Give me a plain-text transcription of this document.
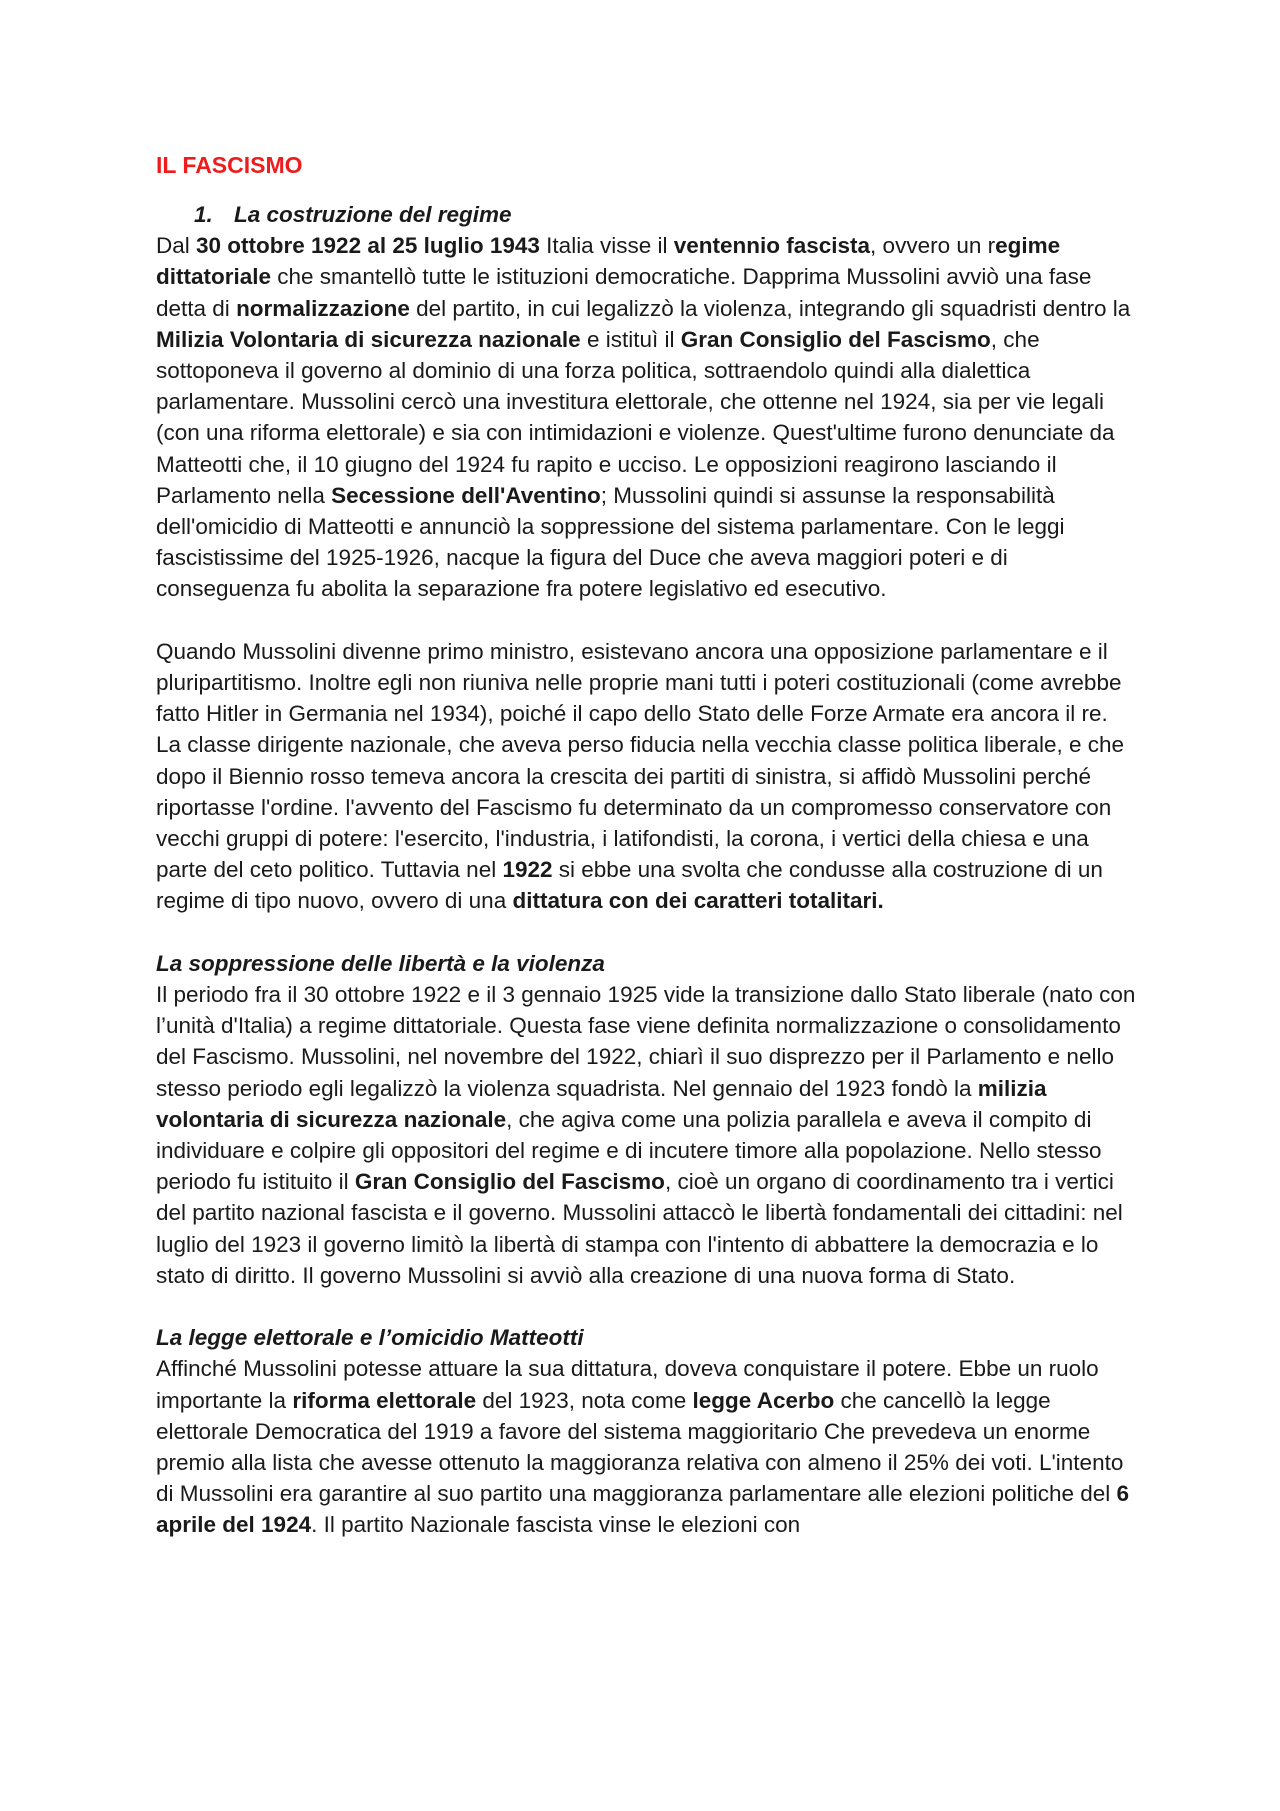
IL FASCISMO
1. La costruzione del regime

Dal 30 ottobre 1922 al 25 luglio 1943 Italia visse il ventennio fascista, ovvero un regime dittatoriale che smantellò tutte le istituzioni democratiche. Dapprima Mussolini avviò una fase detta di normalizzazione del partito, in cui legalizzò la violenza, integrando gli squadristi dentro la Milizia Volontaria di sicurezza nazionale e istituì il Gran Consiglio del Fascismo, che sottoponeva il governo al dominio di una forza politica, sottraendolo quindi alla dialettica parlamentare. Mussolini cercò una investitura elettorale, che ottenne nel 1924, sia per vie legali (con una riforma elettorale) e sia con intimidazioni e violenze. Quest'ultime furono denunciate da Matteotti che, il 10 giugno del 1924 fu rapito e ucciso. Le opposizioni reagirono lasciando il Parlamento nella Secessione dell'Aventino; Mussolini quindi si assunse la responsabilità dell'omicidio di Matteotti e annunciò la soppressione del sistema parlamentare. Con le leggi fascistissime del 1925-1926, nacque la figura del Duce che aveva maggiori poteri e di conseguenza fu abolita la separazione fra potere legislativo ed esecutivo.

Quando Mussolini divenne primo ministro, esistevano ancora una opposizione parlamentare e il pluripartitismo. Inoltre egli non riuniva nelle proprie mani tutti i poteri costituzionali (come avrebbe fatto Hitler in Germania nel 1934), poiché il capo dello Stato delle Forze Armate era ancora il re. La classe dirigente nazionale, che aveva perso fiducia nella vecchia classe politica liberale, e che dopo il Biennio rosso temeva ancora la crescita dei partiti di sinistra, si affidò Mussolini perché riportasse l'ordine. l'avvento del Fascismo fu determinato da un compromesso conservatore con vecchi gruppi di potere: l'esercito, l'industria, i latifondisti, la corona, i vertici della chiesa e una parte del ceto politico. Tuttavia nel 1922 si ebbe una svolta che condusse alla costruzione di un regime di tipo nuovo, ovvero di una dittatura con dei caratteri totalitari.

La soppressione delle libertà e la violenza

Il periodo fra il 30 ottobre 1922 e il 3 gennaio 1925 vide la transizione dallo Stato liberale (nato con l’unità d'Italia) a regime dittatoriale. Questa fase viene definita normalizzazione o consolidamento del Fascismo. Mussolini, nel novembre del 1922, chiarì il suo disprezzo per il Parlamento e nello stesso periodo egli legalizzò la violenza squadrista. Nel gennaio del 1923 fondò la milizia volontaria di sicurezza nazionale, che agiva come una polizia parallela e aveva il compito di individuare e colpire gli oppositori del regime e di incutere timore alla popolazione. Nello stesso periodo fu istituito il Gran Consiglio del Fascismo, cioè un organo di coordinamento tra i vertici del partito nazional fascista e il governo. Mussolini attaccò le libertà fondamentali dei cittadini: nel luglio del 1923 il governo limitò la libertà di stampa con l'intento di abbattere la democrazia e lo stato di diritto. Il governo Mussolini si avviò alla creazione di una nuova forma di Stato.

La legge elettorale e l’omicidio Matteotti

Affinché Mussolini potesse attuare la sua dittatura, doveva conquistare il potere. Ebbe un ruolo importante la riforma elettorale del 1923, nota come legge Acerbo che cancellò la legge elettorale Democratica del 1919 a favore del sistema maggioritario Che prevedeva un enorme premio alla lista che avesse ottenuto la maggioranza relativa con almeno il 25% dei voti. L'intento di Mussolini era garantire al suo partito una maggioranza parlamentare alle elezioni politiche del 6 aprile del 1924. Il partito Nazionale fascista vinse le elezioni con
